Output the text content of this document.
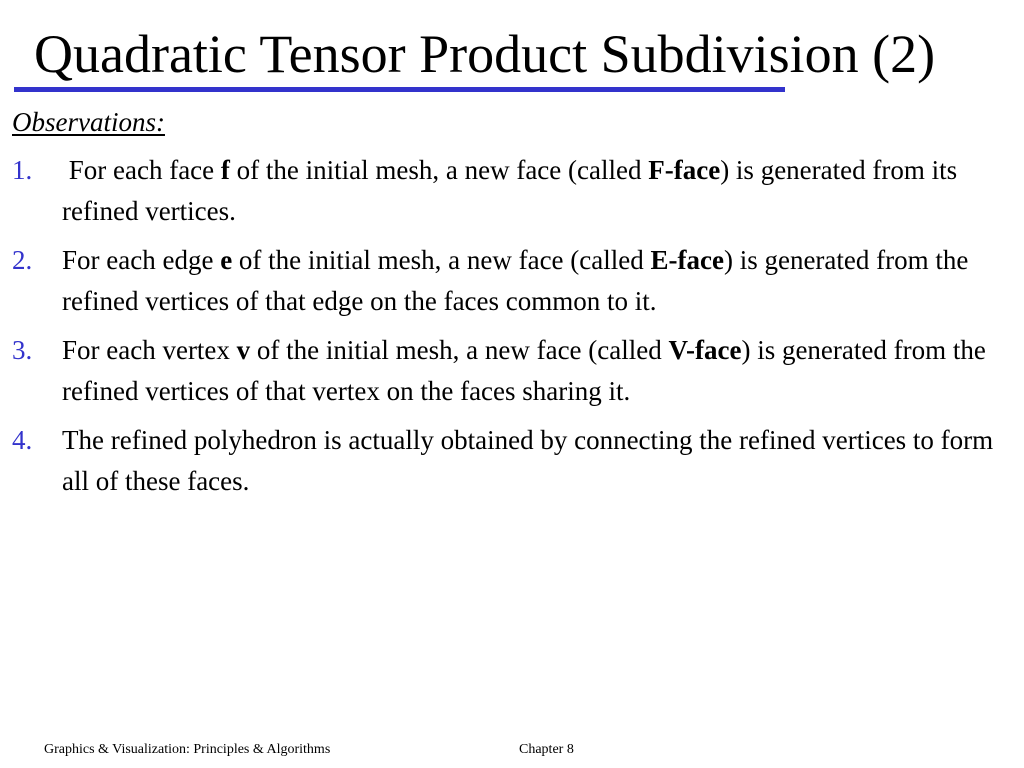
Quadratic Tensor Product Subdivision (2)

Observations:

1. For each face f of the initial mesh, a new face (called F-face) is generated from its refined vertices.
2. For each edge e of the initial mesh, a new face (called E-face) is generated from the refined vertices of that edge on the faces common to it.
3. For each vertex v of the initial mesh, a new face (called V-face) is generated from the refined vertices of that vertex on the faces sharing it.
4. The refined polyhedron is actually obtained by connecting the refined vertices to form all of these faces.
Graphics & Visualization: Principles & Algorithms	Chapter 8
